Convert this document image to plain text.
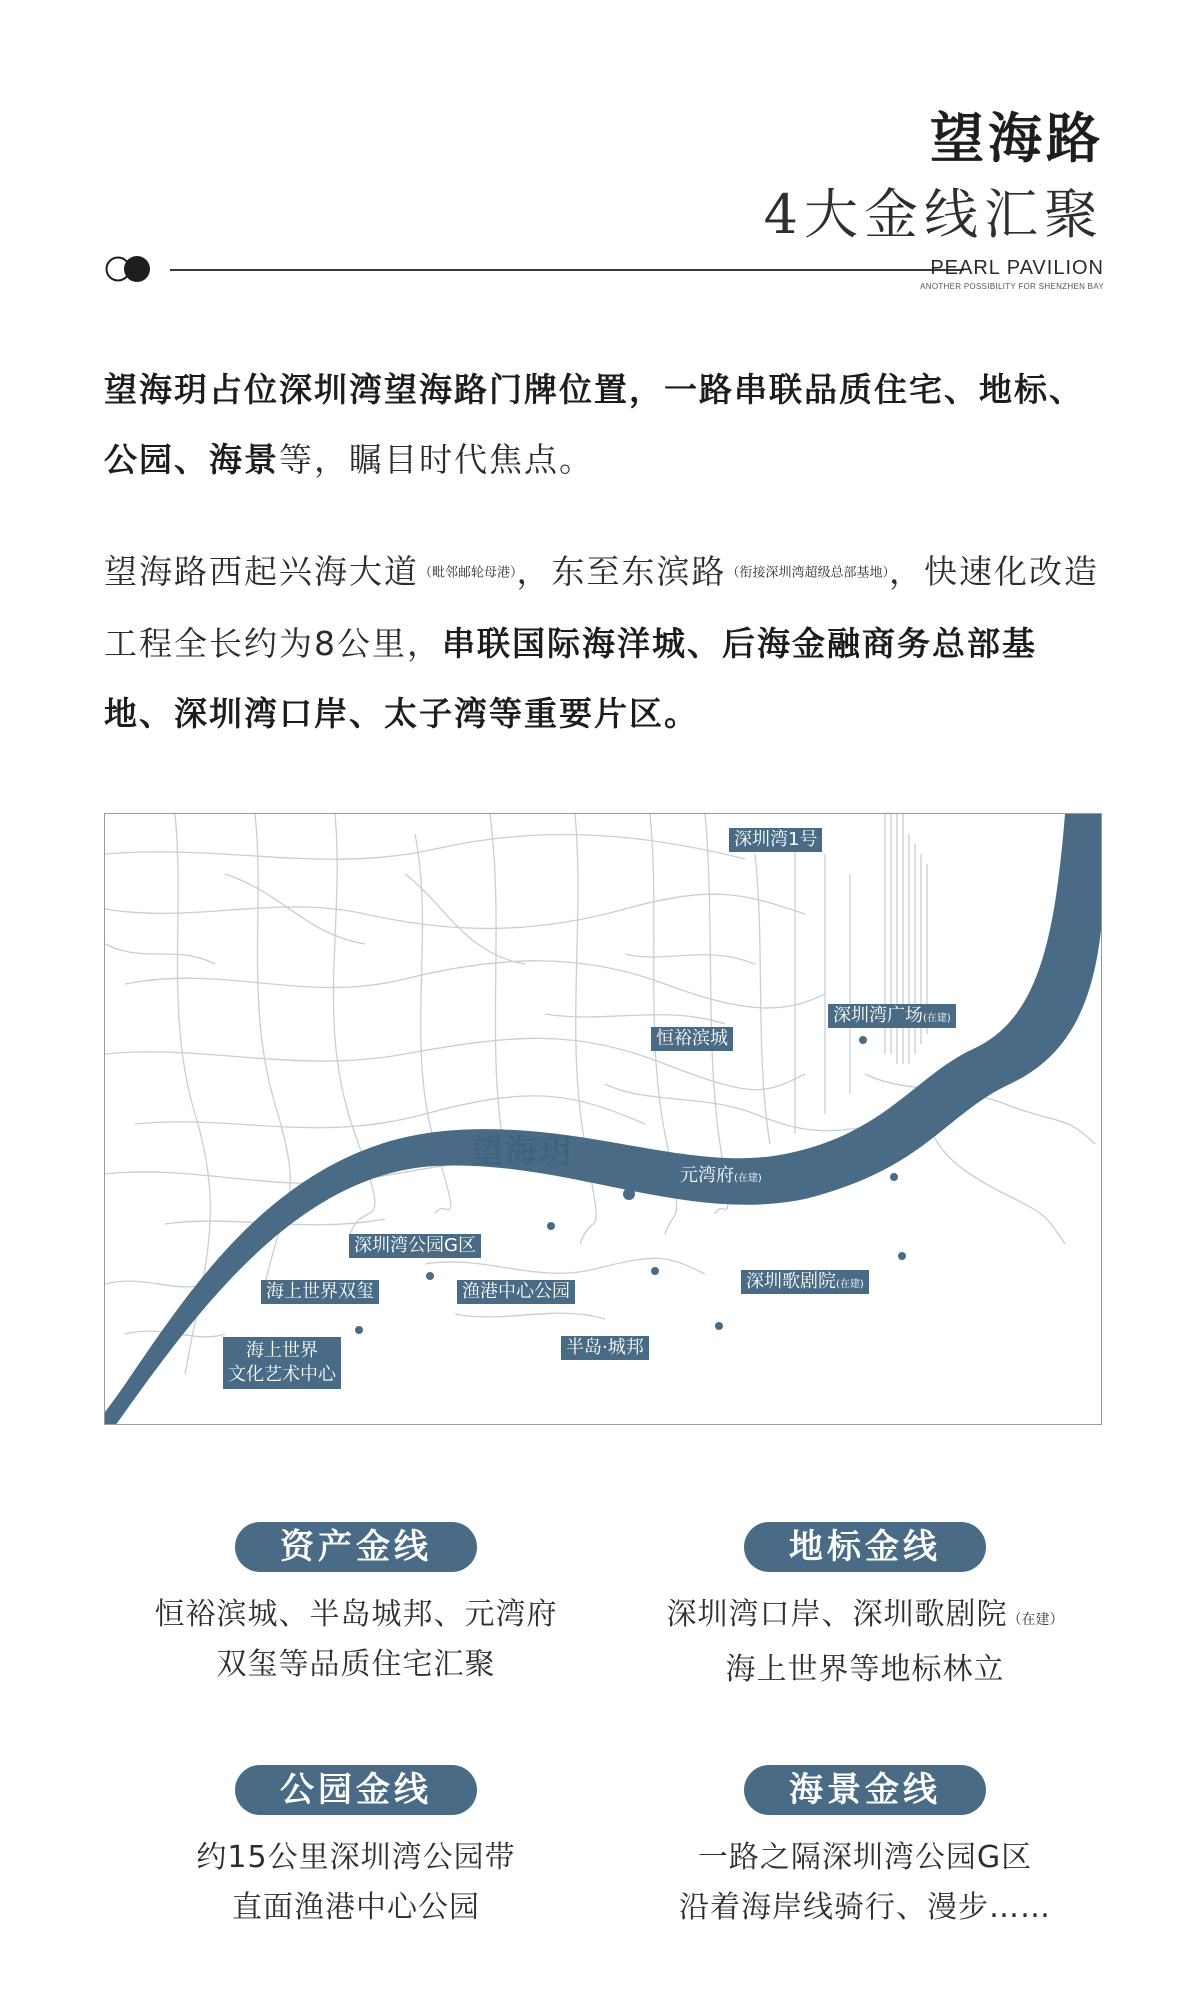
望海路
4大金线汇聚
PEARL PAVILION
ANOTHER POSSIBILITY FOR SHENZHEN BAY
望海玥占位深圳湾望海路门牌位置，一路串联品质住宅、地标、公园、海景等，瞩目时代焦点。
望海路西起兴海大道（毗邻邮轮母港），东至东滨路（衔接深圳湾超级总部基地），快速化改造工程全长约为8公里，串联国际海洋城、后海金融商务总部基地、深圳湾口岸、太子湾等重要片区。
深圳湾1号
深圳湾广场(在建)
恒裕滨城
望海玥
元湾府(在建)
深圳歌剧院(在建)
深圳湾公园G区
海上世界双玺	渔港中心公园
半岛·城邦
海上世界
文化艺术中心
资产金线
恒裕滨城、半岛城邦、元湾府
双玺等品质住宅汇聚
地标金线
深圳湾口岸、深圳歌剧院（在建）
海上世界等地标林立
公园金线
约15公里深圳湾公园带
直面渔港中心公园
海景金线
一路之隔深圳湾公园G区
沿着海岸线骑行、漫步……
